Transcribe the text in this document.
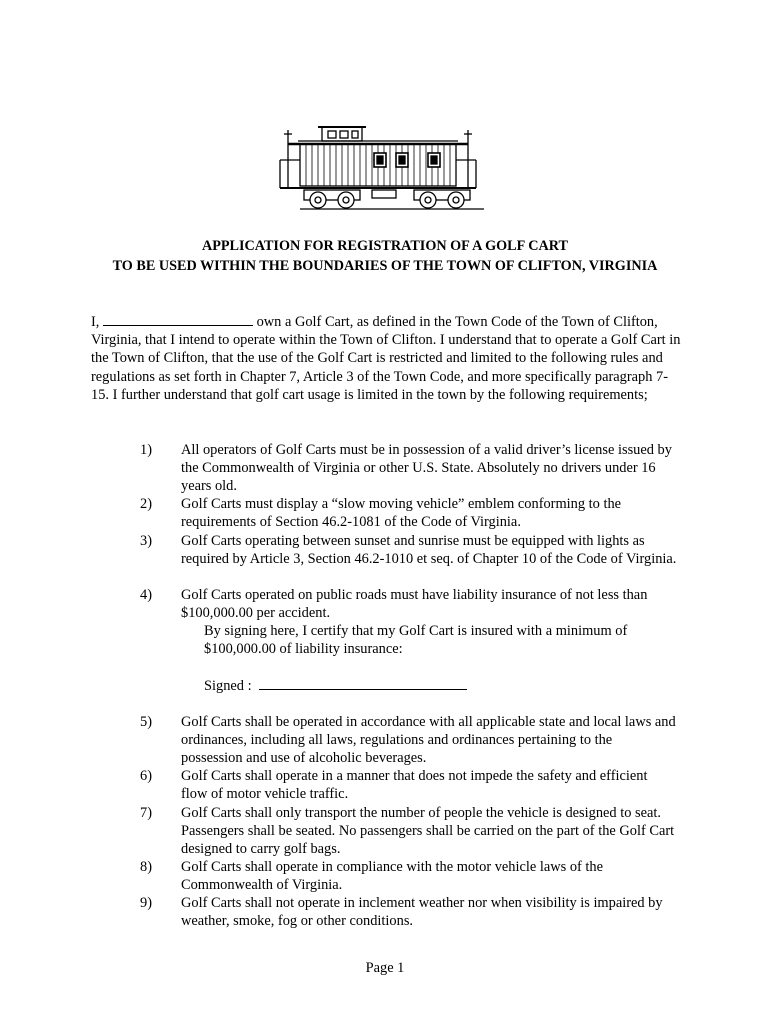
APPLICATION FOR REGISTRATION OF A GOLF CART
TO BE USED WITHIN THE BOUNDARIES OF THE TOWN OF CLIFTON, VIRGINIA
I,	own a Golf Cart, as defined in the Town Code of the Town of Clifton, Virginia, that I intend to operate within the Town of Clifton. I understand that to operate a Golf Cart in the Town of Clifton, that the use of the Golf Cart is restricted and limited to the following rules and regulations as set forth in Chapter 7, Article 3 of the Town Code, and more specifically paragraph 7-15. I further understand that golf cart usage is limited in the town by the following requirements;
1) All operators of Golf Carts must be in possession of a valid driver’s license issued by the Commonwealth of Virginia or other U.S. State. Absolutely no drivers under 16 years old.
2) Golf Carts must display a “slow moving vehicle” emblem conforming to the requirements of Section 46.2-1081 of the Code of Virginia.
3) Golf Carts operating between sunset and sunrise must be equipped with lights as required by Article 3, Section 46.2-1010 et seq. of Chapter 10 of the Code of Virginia.
4) Golf Carts operated on public roads must have liability insurance of not less than $100,000.00 per accident.
By signing here, I certify that my Golf Cart is insured with a minimum of $100,000.00 of liability insurance:
Signed :
5) Golf Carts shall be operated in accordance with all applicable state and local laws and ordinances, including all laws, regulations and ordinances pertaining to the possession and use of alcoholic beverages.
6) Golf Carts shall operate in a manner that does not impede the safety and efficient flow of motor vehicle traffic.
7) Golf Carts shall only transport the number of people the vehicle is designed to seat. Passengers shall be seated. No passengers shall be carried on the part of the Golf Cart designed to carry golf bags.
8) Golf Carts shall operate in compliance with the motor vehicle laws of the Commonwealth of Virginia.
9) Golf Carts shall not operate in inclement weather nor when visibility is impaired by weather, smoke, fog or other conditions.
Page 1
